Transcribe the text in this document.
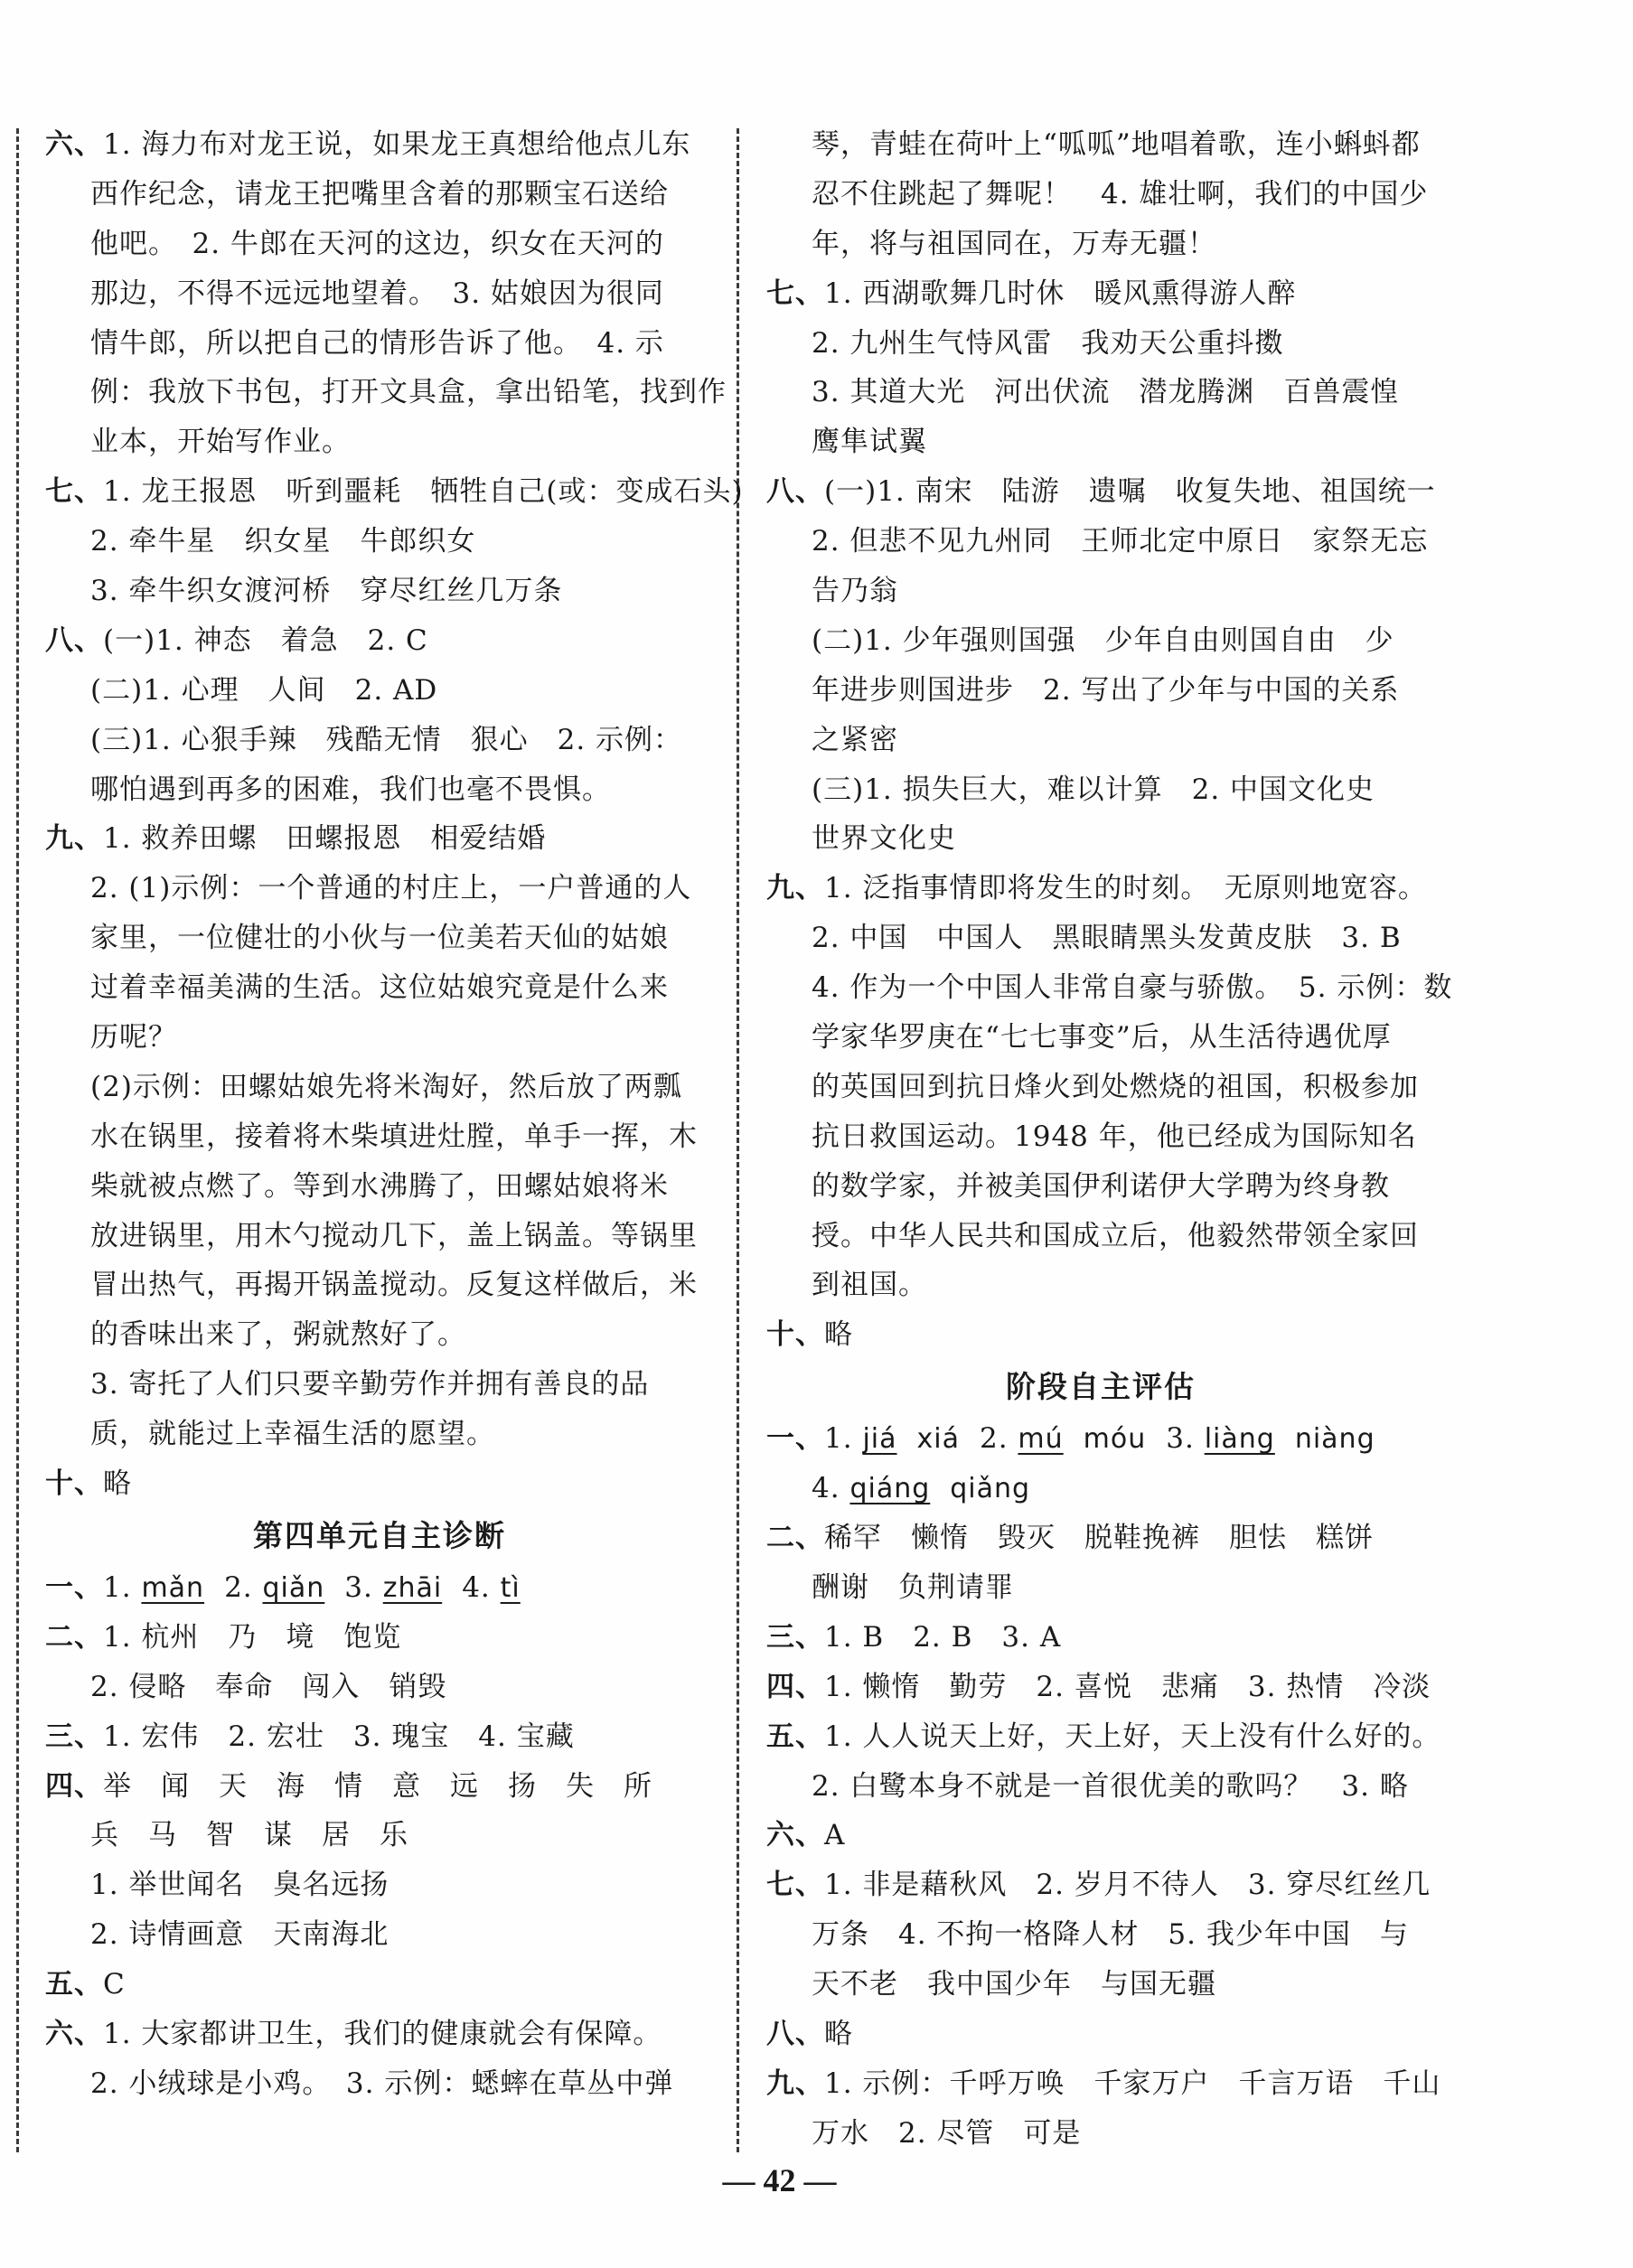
六、1. 海力布对龙王说，如果龙王真想给他点儿东
西作纪念，请龙王把嘴里含着的那颗宝石送给
他吧。　2. 牛郎在天河的这边，织女在天河的
那边，不得不远远地望着。　3. 姑娘因为很同
情牛郎，所以把自己的情形告诉了他。　4. 示
例：我放下书包，打开文具盒，拿出铅笔，找到作
业本，开始写作业。
七、1. 龙王报恩　听到噩耗　牺牲自己(或：变成石头)
2. 牵牛星　织女星　牛郎织女
3. 牵牛织女渡河桥　穿尽红丝几万条
八、(一)1. 神态　着急　2. C
(二)1. 心理　人间　2. AD
(三)1. 心狠手辣　残酷无情　狠心　2. 示例：
哪怕遇到再多的困难，我们也毫不畏惧。
九、1. 救养田螺　田螺报恩　相爱结婚
2. (1)示例：一个普通的村庄上，一户普通的人
家里，一位健壮的小伙与一位美若天仙的姑娘
过着幸福美满的生活。这位姑娘究竟是什么来
历呢？
(2)示例：田螺姑娘先将米淘好，然后放了两瓢
水在锅里，接着将木柴填进灶膛，单手一挥，木
柴就被点燃了。等到水沸腾了，田螺姑娘将米
放进锅里，用木勺搅动几下，盖上锅盖。等锅里
冒出热气，再揭开锅盖搅动。反复这样做后，米
的香味出来了，粥就熬好了。
3. 寄托了人们只要辛勤劳作并拥有善良的品
质，就能过上幸福生活的愿望。
十、略
第四单元自主诊断
一、1. mǎn 2. qiǎn 3. zhāi 4. tì
二、1. 杭州　乃　境　饱览
2. 侵略　奉命　闯入　销毁
三、1. 宏伟　2. 宏壮　3. 瑰宝　4. 宝藏
四、举　闻　天　海　情　意　远　扬　失　所
兵　马　智　谋　居　乐
1. 举世闻名　臭名远扬
2. 诗情画意　天南海北
五、C
六、1. 大家都讲卫生，我们的健康就会有保障。
2. 小绒球是小鸡。　3. 示例：蟋蟀在草丛中弹
琴，青蛙在荷叶上“呱呱”地唱着歌，连小蝌蚪都
忍不住跳起了舞呢！　4. 雄壮啊，我们的中国少
年，将与祖国同在，万寿无疆！
七、1. 西湖歌舞几时休　暖风熏得游人醉
2. 九州生气恃风雷　我劝天公重抖擞
3. 其道大光　河出伏流　潜龙腾渊　百兽震惶
鹰隼试翼
八、(一)1. 南宋　陆游　遗嘱　收复失地、祖国统一
2. 但悲不见九州同　王师北定中原日　家祭无忘
告乃翁
(二)1. 少年强则国强　少年自由则国自由　少
年进步则国进步　2. 写出了少年与中国的关系
之紧密
(三)1. 损失巨大，难以计算　2. 中国文化史
世界文化史
九、1. 泛指事情即将发生的时刻。　无原则地宽容。
2. 中国　中国人　黑眼睛黑头发黄皮肤　3. B
4. 作为一个中国人非常自豪与骄傲。　5. 示例：数
学家华罗庚在“七七事变”后，从生活待遇优厚
的英国回到抗日烽火到处燃烧的祖国，积极参加
抗日救国运动。1948 年，他已经成为国际知名
的数学家，并被美国伊利诺伊大学聘为终身教
授。中华人民共和国成立后，他毅然带领全家回
到祖国。
十、略
阶段自主评估
一、1. jiá xiá 2. mú móu 3. liàng niàng
4. qiáng qiǎng
二、稀罕　懒惰　毁灭　脱鞋挽裤　胆怯　糕饼
酬谢　负荆请罪
三、1. B　2. B　3. A
四、1. 懒惰　勤劳　2. 喜悦　悲痛　3. 热情　冷淡
五、1. 人人说天上好，天上好，天上没有什么好的。
2. 白鹭本身不就是一首很优美的歌吗？　3. 略
六、A
七、1. 非是藉秋风　2. 岁月不待人　3. 穿尽红丝几
万条　4. 不拘一格降人材　5. 我少年中国　与
天不老　我中国少年　与国无疆
八、略
九、1. 示例：千呼万唤　千家万户　千言万语　千山
万水　2. 尽管　可是
— 42 —
